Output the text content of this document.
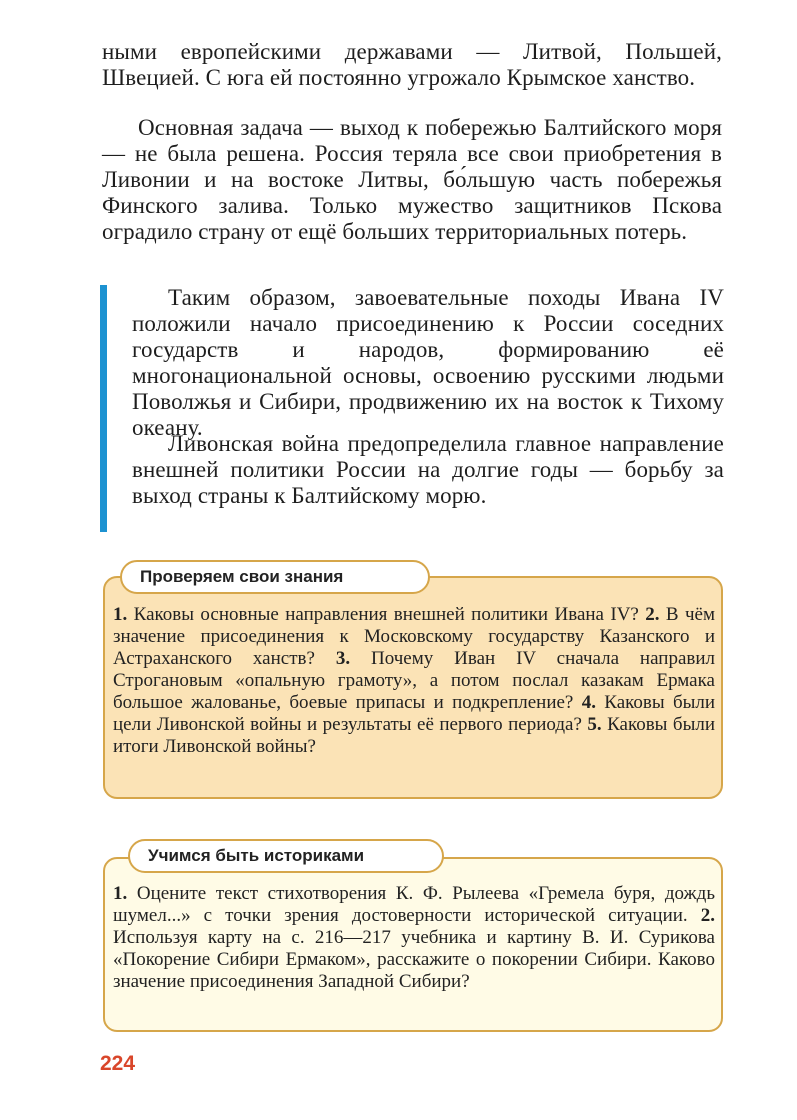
ными европейскими державами — Литвой, Польшей, Швецией. С юга ей постоянно угрожало Крымское ханство.

Основная задача — выход к побережью Балтийского моря — не была решена. Россия теряла все свои приобретения в Ливонии и на востоке Литвы, бо́льшую часть побережья Финского залива. Только мужество защитников Пскова оградило страну от ещё больших территориальных потерь.

Таким образом, завоевательные походы Ивана IV положили начало присоединению к России соседних государств и народов, формированию её многонациональной основы, освоению русскими людьми Поволжья и Сибири, продвижению их на восток к Тихому океану.

Ливонская война предопределила главное направление внешней политики России на долгие годы — борьбу за выход страны к Балтийскому морю.

Проверяем свои знания

1. Каковы основные направления внешней политики Ивана IV? 2. В чём значение присоединения к Московскому государству Казанского и Астраханского ханств? 3. Почему Иван IV сначала направил Строгановым «опальную грамоту», а потом послал казакам Ермака большое жалованье, боевые припасы и подкрепление? 4. Каковы были цели Ливонской войны и результаты её первого периода? 5. Каковы были итоги Ливонской войны?

Учимся быть историками

1. Оцените текст стихотворения К. Ф. Рылеева «Гремела буря, дождь шумел...» с точки зрения достоверности исторической ситуации. 2. Используя карту на с. 216—217 учебника и картину В. И. Сурикова «Покорение Сибири Ермаком», расскажите о покорении Сибири. Каково значение присоединения Западной Сибири?

224
